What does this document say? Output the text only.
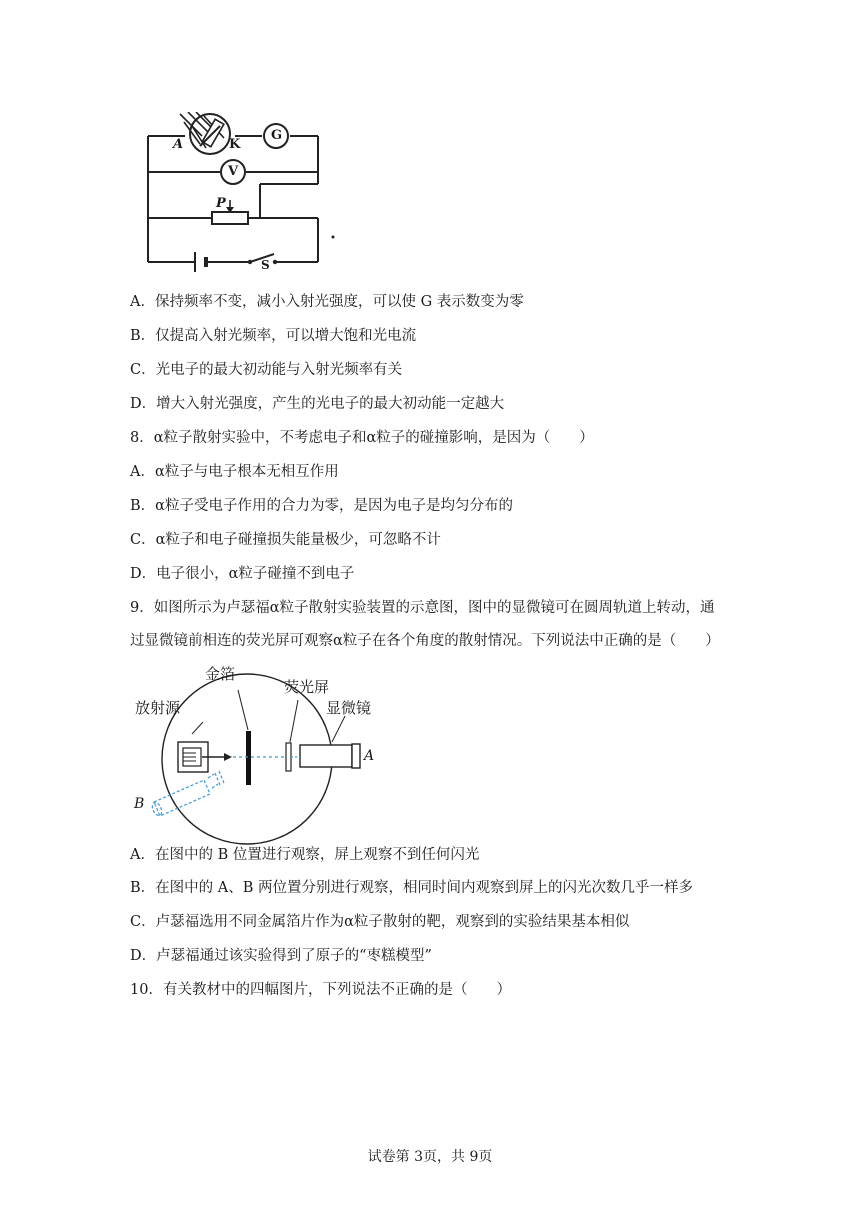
A	K
G
V
P
S
A．保持频率不变，减小入射光强度，可以使 G 表示数变为零
B．仅提高入射光频率，可以增大饱和光电流
C．光电子的最大初动能与入射光频率有关
D．增大入射光强度，产生的光电子的最大初动能一定越大
8．α粒子散射实验中，不考虑电子和α粒子的碰撞影响，是因为（　　）
A．α粒子与电子根本无相互作用
B．α粒子受电子作用的合力为零，是因为电子是均匀分布的
C．α粒子和电子碰撞损失能量极少，可忽略不计
D．电子很小，α粒子碰撞不到电子
9．如图所示为卢瑟福α粒子散射实验装置的示意图，图中的显微镜可在圆周轨道上转动，通
过显微镜前相连的荧光屏可观察α粒子在各个角度的散射情况。下列说法中正确的是（　　）
金箔
放射源
荧光屏
显微镜
A
B
A．在图中的 B 位置进行观察，屏上观察不到任何闪光
B．在图中的 A、B 两位置分别进行观察，相同时间内观察到屏上的闪光次数几乎一样多
C．卢瑟福选用不同金属箔片作为α粒子散射的靶，观察到的实验结果基本相似
D．卢瑟福通过该实验得到了原子的“枣糕模型”
10．有关教材中的四幅图片，下列说法不正确的是（　　）
试卷第 3页，共 9页
